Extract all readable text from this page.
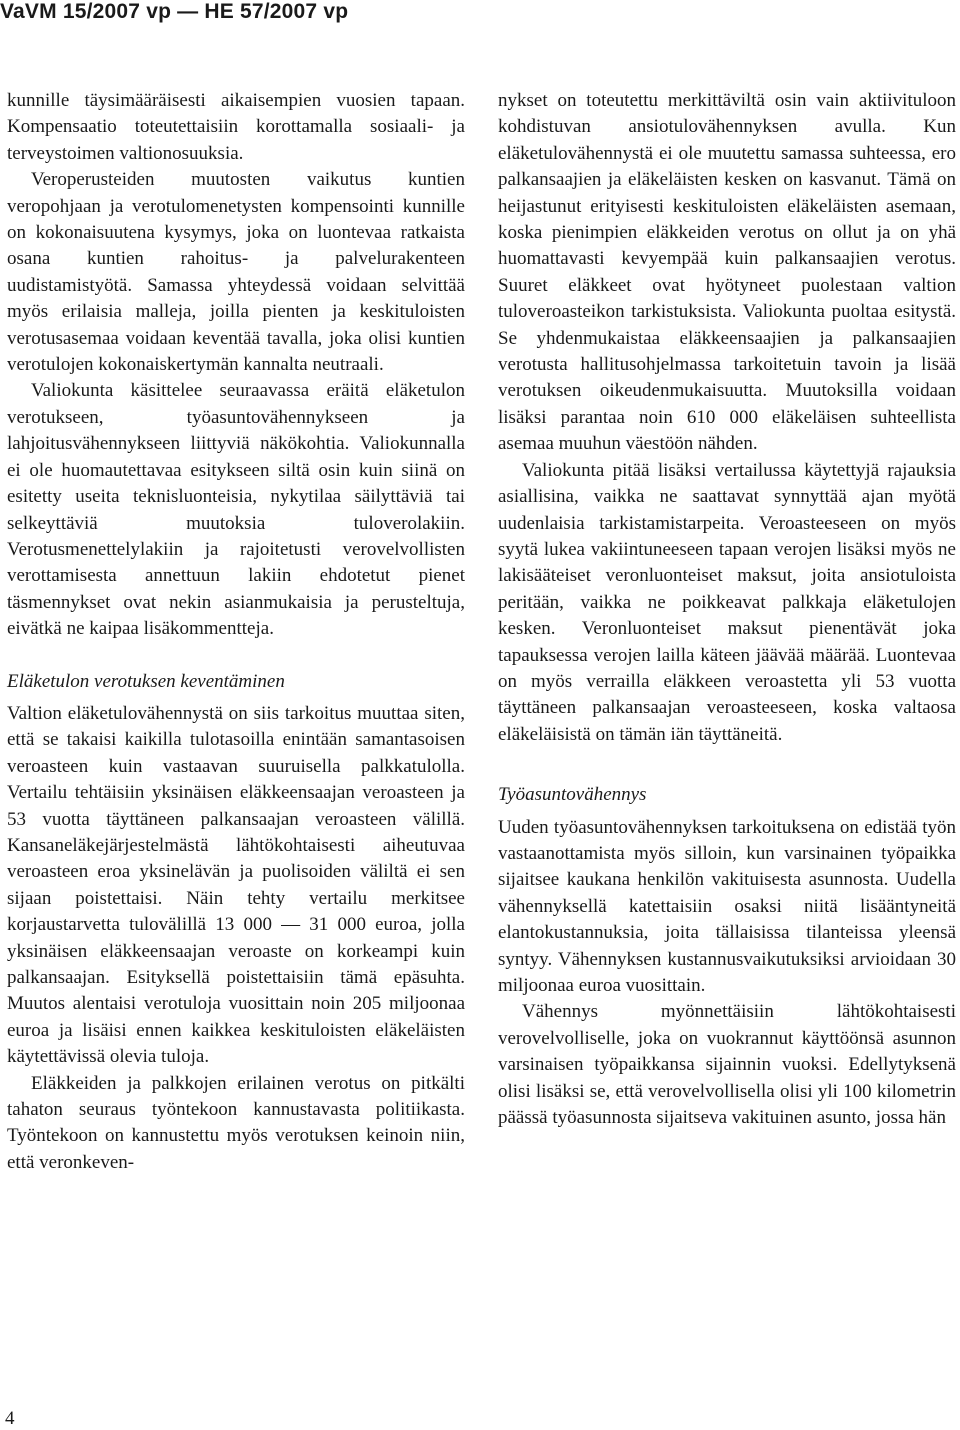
VaVM 15/2007 vp — HE 57/2007 vp

kunnille täysimääräisesti aikaisempien vuosien tapaan. Kompensaatio toteutettaisiin korottamalla sosiaali- ja terveystoimen valtionosuuksia.

Veroperusteiden muutosten vaikutus kuntien veropohjaan ja verotulomenetysten kompensointi kunnille on kokonaisuutena kysymys, joka on luontevaa ratkaista osana kuntien rahoitus- ja palvelurakenteen uudistamistyötä. Samassa yhteydessä voidaan selvittää myös erilaisia malleja, joilla pienten ja keskituloisten verotusasemaa voidaan keventää tavalla, joka olisi kuntien verotulojen kokonaiskertymän kannalta neutraali.

Valiokunta käsittelee seuraavassa eräitä eläketulon verotukseen, työasuntovähennykseen ja lahjoitusvähennykseen liittyviä näkökohtia. Valiokunnalla ei ole huomautettavaa esitykseen siltä osin kuin siinä on esitetty useita teknisluonteisia, nykytilaa säilyttäviä tai selkeyttäviä muutoksia tuloverolakiin. Verotusmenettelylakiin ja rajoitetusti verovelvollisten verottamisesta annettuun lakiin ehdotetut pienet täsmennykset ovat nekin asianmukaisia ja perusteltuja, eivätkä ne kaipaa lisäkommentteja.

Eläketulon verotuksen keventäminen

Valtion eläketulovähennystä on siis tarkoitus muuttaa siten, että se takaisi kaikilla tulotasoilla enintään samantasoisen veroasteen kuin vastaavan suuruisella palkkatulolla. Vertailu tehtäisiin yksinäisen eläkkeensaajan veroasteen ja 53 vuotta täyttäneen palkansaajan veroasteen välillä. Kansaneläkejärjestelmästä lähtökohtaisesti aiheutuvaa veroasteen eroa yksinelävän ja puolisoiden väliltä ei sen sijaan poistettaisi. Näin tehty vertailu merkitsee korjaustarvetta tulovälillä 13 000 — 31 000 euroa, jolla yksinäisen eläkkeensaajan veroaste on korkeampi kuin palkansaajan. Esityksellä poistettaisiin tämä epäsuhta. Muutos alentaisi verotuloja vuosittain noin 205 miljoonaa euroa ja lisäisi ennen kaikkea keskituloisten eläkeläisten käytettävissä olevia tuloja.

Eläkkeiden ja palkkojen erilainen verotus on pitkälti tahaton seuraus työntekoon kannustavasta politiikasta. Työntekoon on kannustettu myös verotuksen keinoin niin, että veronkeven-

nykset on toteutettu merkittäviltä osin vain aktiivituloon kohdistuvan ansiotulovähennyksen avulla. Kun eläketulovähennystä ei ole muutettu samassa suhteessa, ero palkansaajien ja eläkeläisten kesken on kasvanut. Tämä on heijastunut erityisesti keskituloisten eläkeläisten asemaan, koska pienimpien eläkkeiden verotus on ollut ja on yhä huomattavasti kevyempää kuin palkansaajien verotus. Suuret eläkkeet ovat hyötyneet puolestaan valtion tuloveroasteikon tarkistuksista. Valiokunta puoltaa esitystä. Se yhdenmukaistaa eläkkeensaajien ja palkansaajien verotusta hallitusohjelmassa tarkoitetuin tavoin ja lisää verotuksen oikeudenmukaisuutta. Muutoksilla voidaan lisäksi parantaa noin 610 000 eläkeläisen suhteellista asemaa muuhun väestöön nähden.

Valiokunta pitää lisäksi vertailussa käytettyjä rajauksia asiallisina, vaikka ne saattavat synnyttää ajan myötä uudenlaisia tarkistamistarpeita. Veroasteeseen on myös syytä lukea vakiintuneeseen tapaan verojen lisäksi myös ne lakisääteiset veronluonteiset maksut, joita ansiotuloista peritään, vaikka ne poikkeavat palkkaja eläketulojen kesken. Veronluonteiset maksut pienentävät joka tapauksessa verojen lailla käteen jäävää määrää. Luontevaa on myös verrailla eläkkeen veroastetta yli 53 vuotta täyttäneen palkansaajan veroasteeseen, koska valtaosa eläkeläisistä on tämän iän täyttäneitä.

Työasuntovähennys

Uuden työasuntovähennyksen tarkoituksena on edistää työn vastaanottamista myös silloin, kun varsinainen työpaikka sijaitsee kaukana henkilön vakituisesta asunnosta. Uudella vähennyksellä katettaisiin osaksi niitä lisääntyneitä elantokustannuksia, joita tällaisissa tilanteissa yleensä syntyy. Vähennyksen kustannusvaikutuksiksi arvioidaan 30 miljoonaa euroa vuosittain.

Vähennys myönnettäisiin lähtökohtaisesti verovelvolliselle, joka on vuokrannut käyttöönsä asunnon varsinaisen työpaikkansa sijainnin vuoksi. Edellytyksenä olisi lisäksi se, että verovelvollisella olisi yli 100 kilometrin päässä työasunnosta sijaitseva vakituinen asunto, jossa hän

4
